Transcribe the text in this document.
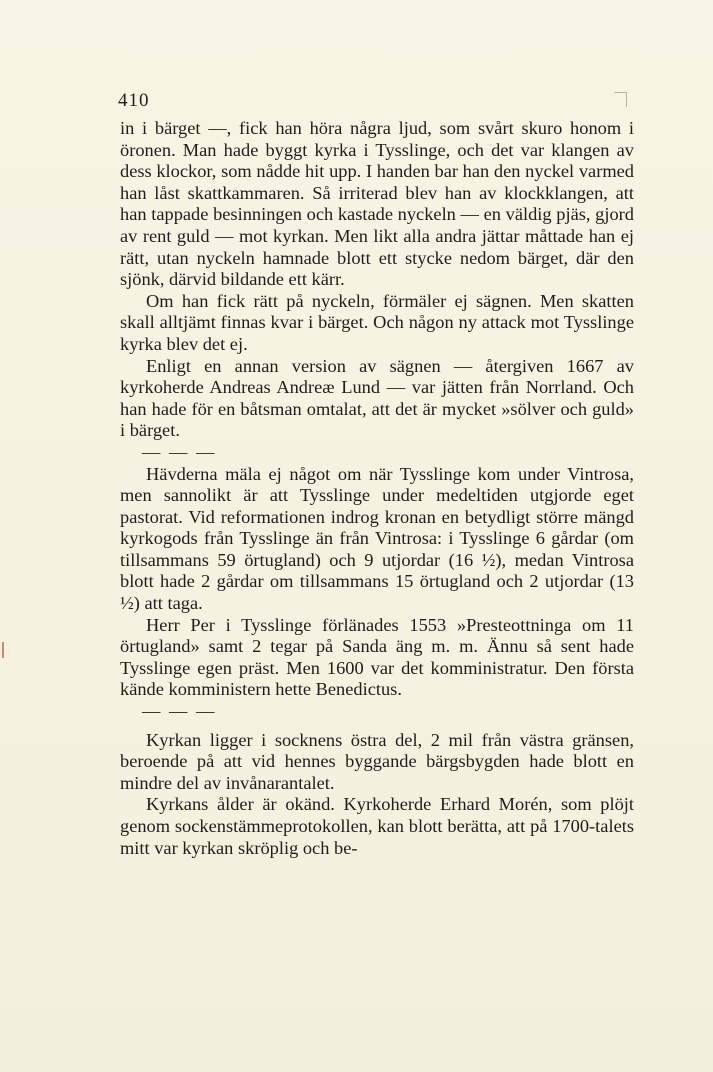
410

in i bärget —, fick han höra några ljud, som svårt skuro honom i öronen. Man hade byggt kyrka i Tysslinge, och det var klangen av dess klockor, som nådde hit upp. I handen bar han den nyckel varmed han låst skattkammaren. Så irriterad blev han av klockklangen, att han tappade besinningen och kastade nyckeln — en väldig pjäs, gjord av rent guld — mot kyrkan. Men likt alla andra jättar måttade han ej rätt, utan nyckeln hamnade blott ett stycke nedom bärget, där den sjönk, därvid bildande ett kärr.

Om han fick rätt på nyckeln, förmäler ej sägnen. Men skatten skall alltjämt finnas kvar i bärget. Och någon ny attack mot Tysslinge kyrka blev det ej.

Enligt en annan version av sägnen — återgiven 1667 av kyrkoherde Andreas Andreæ Lund — var jätten från Norrland. Och han hade för en båtsman omtalat, att det är mycket »sölver och guld» i bärget.

— — —

Hävderna mäla ej något om när Tysslinge kom under Vintrosa, men sannolikt är att Tysslinge under medeltiden utgjorde eget pastorat. Vid reformationen indrog kronan en betydligt större mängd kyrkogods från Tysslinge än från Vintrosa: i Tysslinge 6 gårdar (om tillsammans 59 örtugland) och 9 utjordar (16 ½), medan Vintrosa blott hade 2 gårdar om tillsammans 15 örtugland och 2 utjordar (13 ½) att taga.

Herr Per i Tysslinge förlänades 1553 »Presteottninga om 11 örtugland» samt 2 tegar på Sanda äng m. m. Ännu så sent hade Tysslinge egen präst. Men 1600 var det komministratur. Den första kände komministern hette Benedictus.

— — —

Kyrkan ligger i socknens östra del, 2 mil från västra gränsen, beroende på att vid hennes byggande bärgsbygden hade blott en mindre del av invånarantalet.

Kyrkans ålder är okänd. Kyrkoherde Erhard Morén, som plöjt genom sockenstämmeprotokollen, kan blott berätta, att på 1700-talets mitt var kyrkan skröplig och be-
